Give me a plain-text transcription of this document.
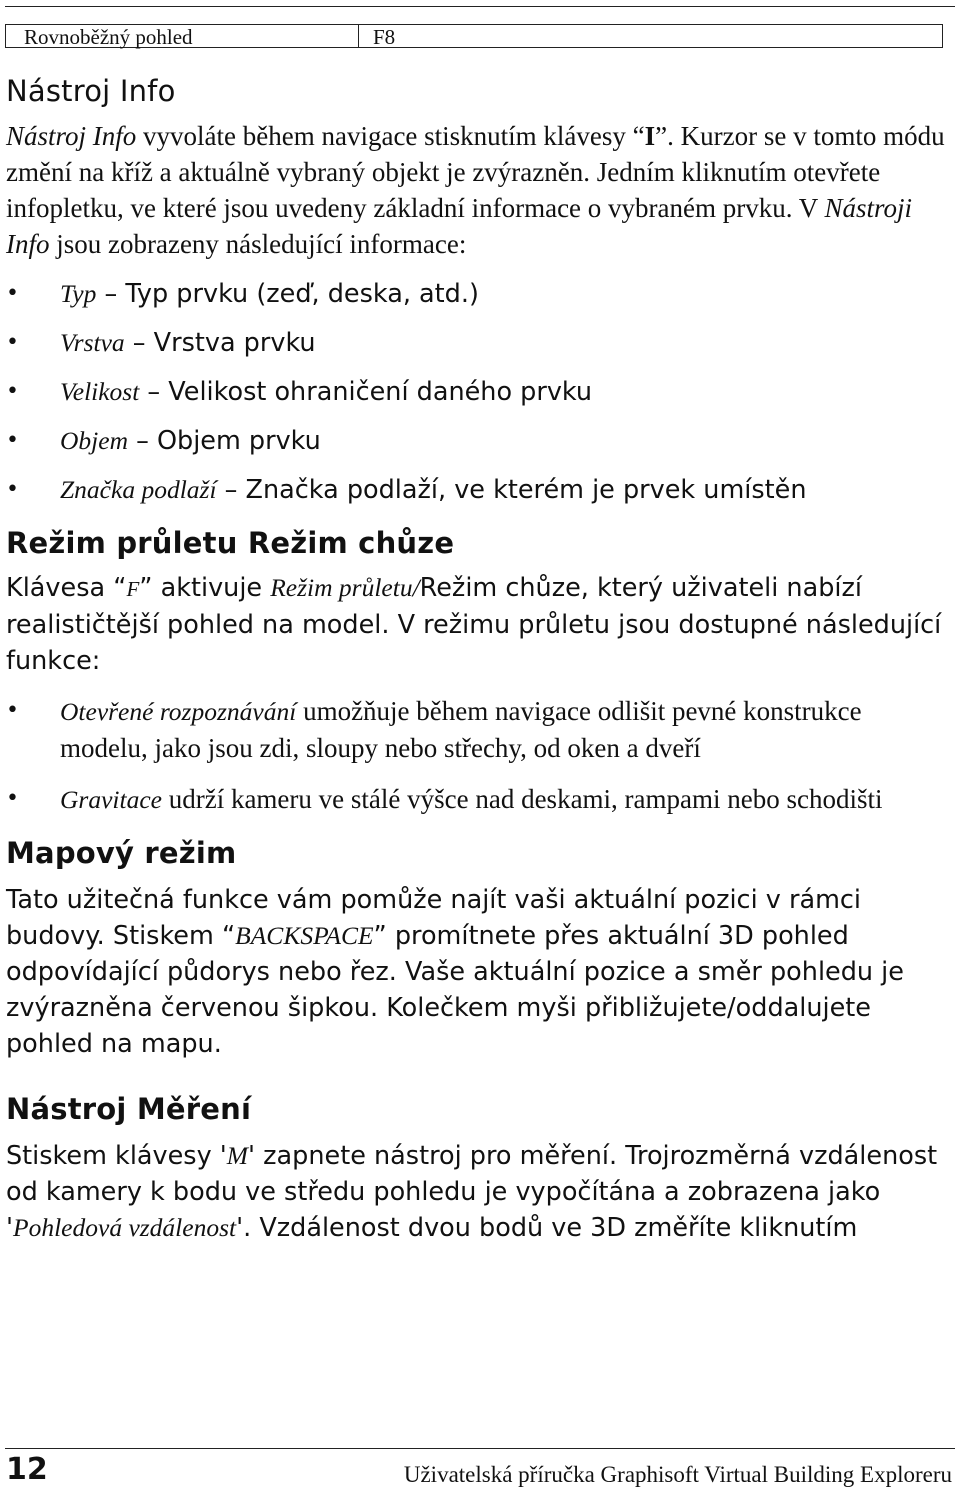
Rovnoběžný pohled	F8
Nástroj Info

Nástroj Info vyvoláte během navigace stisknutím klávesy “I”. Kurzor se v tomto módu změní na kříž a aktuálně vybraný objekt je zvýrazněn. Jedním kliknutím otevřete infopletku, ve které jsou uvedeny základní informace o vybraném prvku. V Nástroji Info jsou zobrazeny následující informace:

• Typ – Typ prvku (zeď, deska, atd.)
• Vrstva – Vrstva prvku
• Velikost – Velikost ohraničení daného prvku
• Objem – Objem prvku
• Značka podlaží – Značka podlaží, ve kterém je prvek umístěn
Režim průletu Režim chůze

Klávesa “F” aktivuje Režim průletu/Režim chůze, který uživateli nabízí realističtější pohled na model. V režimu průletu jsou dostupné následující funkce:

• Otevřené rozpoznávání umožňuje během navigace odlišit pevné konstrukce modelu, jako jsou zdi, sloupy nebo střechy, od oken a dveří
• Gravitace udrží kameru ve stálé výšce nad deskami, rampami nebo schodišti
Mapový režim

Tato užitečná funkce vám pomůže najít vaši aktuální pozici v rámci budovy. Stiskem “BACKSPACE” promítnete přes aktuální 3D pohled odpovídající půdorys nebo řez. Vaše aktuální pozice a směr pohledu je zvýrazněna červenou šipkou. Kolečkem myši přibližujete/oddalujete pohled na mapu.

Nástroj Měření

Stiskem klávesy 'M' zapnete nástroj pro měření. Trojrozměrná vzdálenost od kamery k bodu ve středu pohledu je vypočítána a zobrazena jako 'Pohledová vzdálenost'. Vzdálenost dvou bodů ve 3D změříte kliknutím

12	Uživatelská příručka Graphisoft Virtual Building Exploreru
